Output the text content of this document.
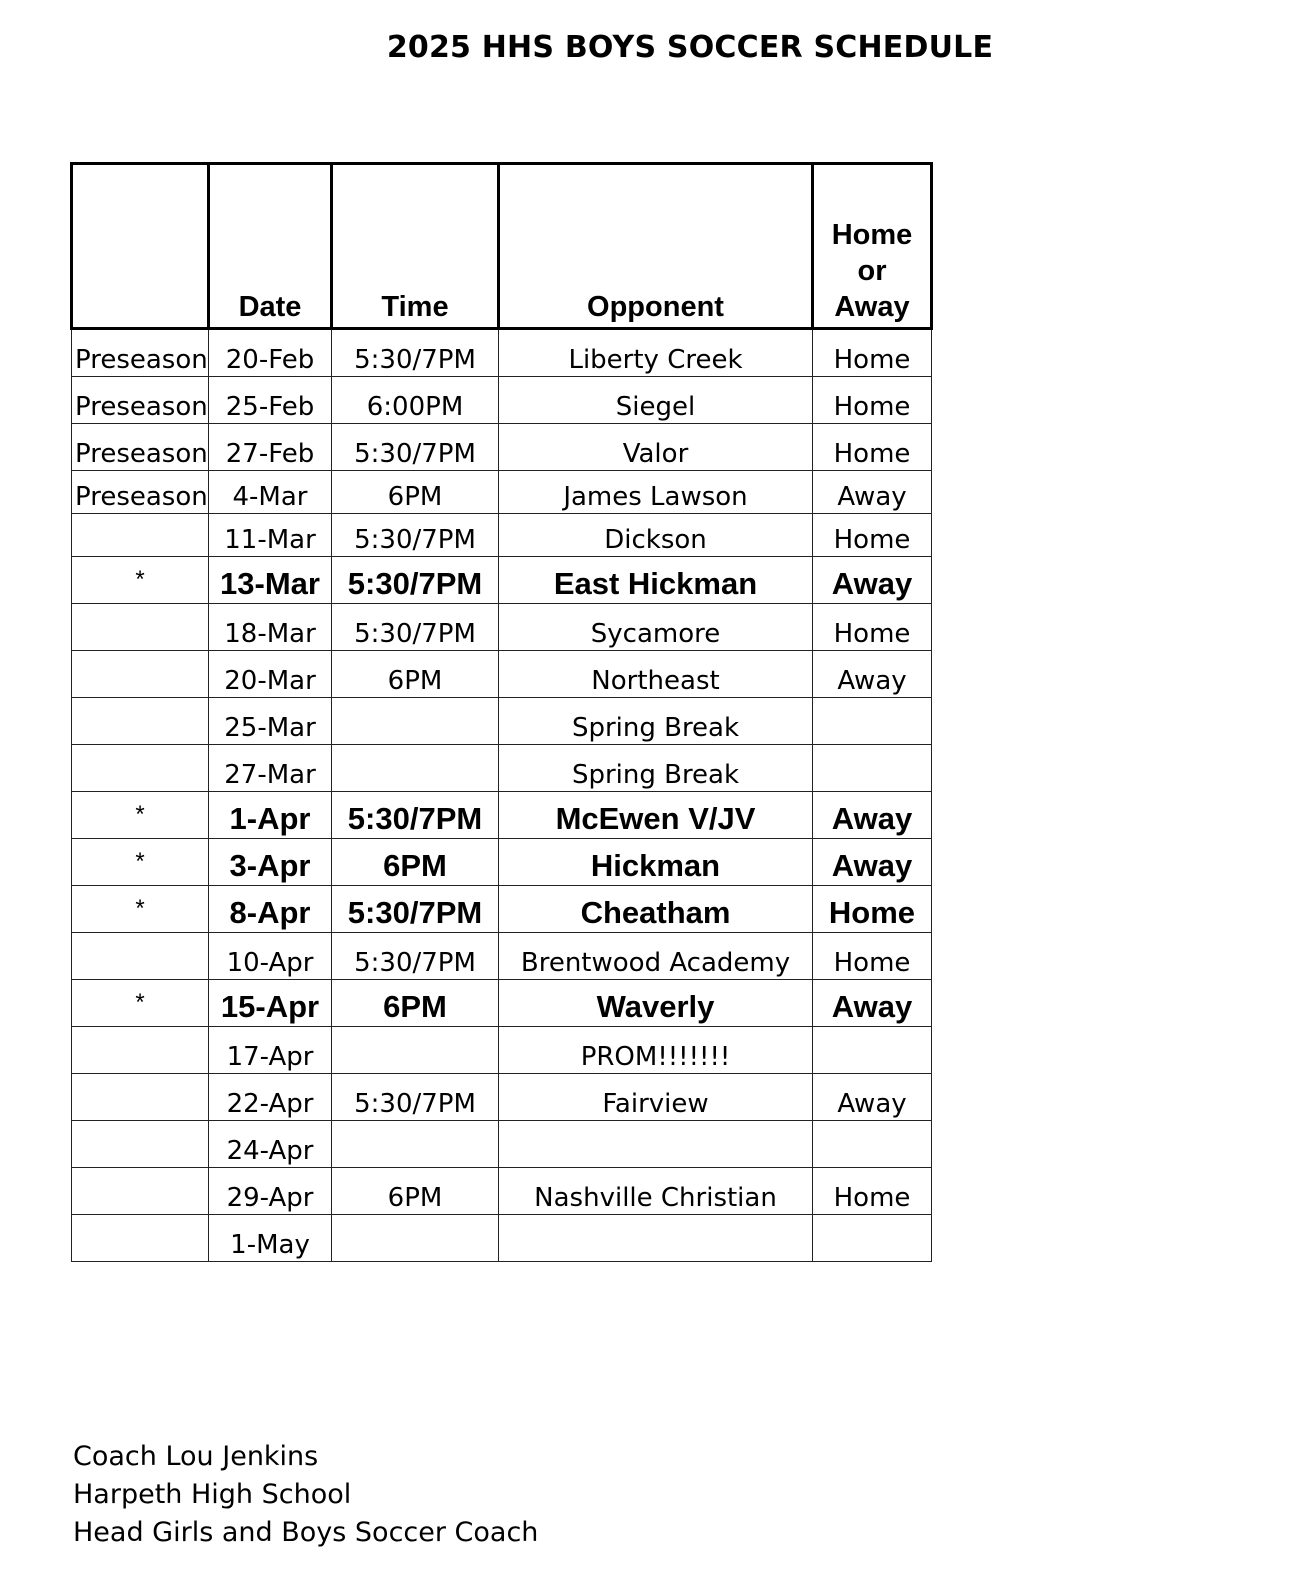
2025 HHS BOYS SOCCER SCHEDULE
	Date	Time	Opponent	Home
or
Away

Preseason	20-Feb	5:30/7PM	Liberty Creek	Home
Preseason	25-Feb	6:00PM	Siegel	Home
Preseason	27-Feb	5:30/7PM	Valor	Home
Preseason	4-Mar	6PM	James Lawson	Away
	11-Mar	5:30/7PM	Dickson	Home
*	13-Mar	5:30/7PM	East Hickman	Away
	18-Mar	5:30/7PM	Sycamore	Home
	20-Mar	6PM	Northeast	Away
	25-Mar		Spring Break	
	27-Mar		Spring Break	
*	1-Apr	5:30/7PM	McEwen V/JV	Away
*	3-Apr	6PM	Hickman	Away
*	8-Apr	5:30/7PM	Cheatham	Home
	10-Apr	5:30/7PM	Brentwood Academy	Home
*	15-Apr	6PM	Waverly	Away
	17-Apr		PROM!!!!!!!	
	22-Apr	5:30/7PM	Fairview	Away
	24-Apr			
	29-Apr	6PM	Nashville Christian	Home
	1-May			
Coach Lou Jenkins
Harpeth High School
Head Girls and Boys Soccer Coach
